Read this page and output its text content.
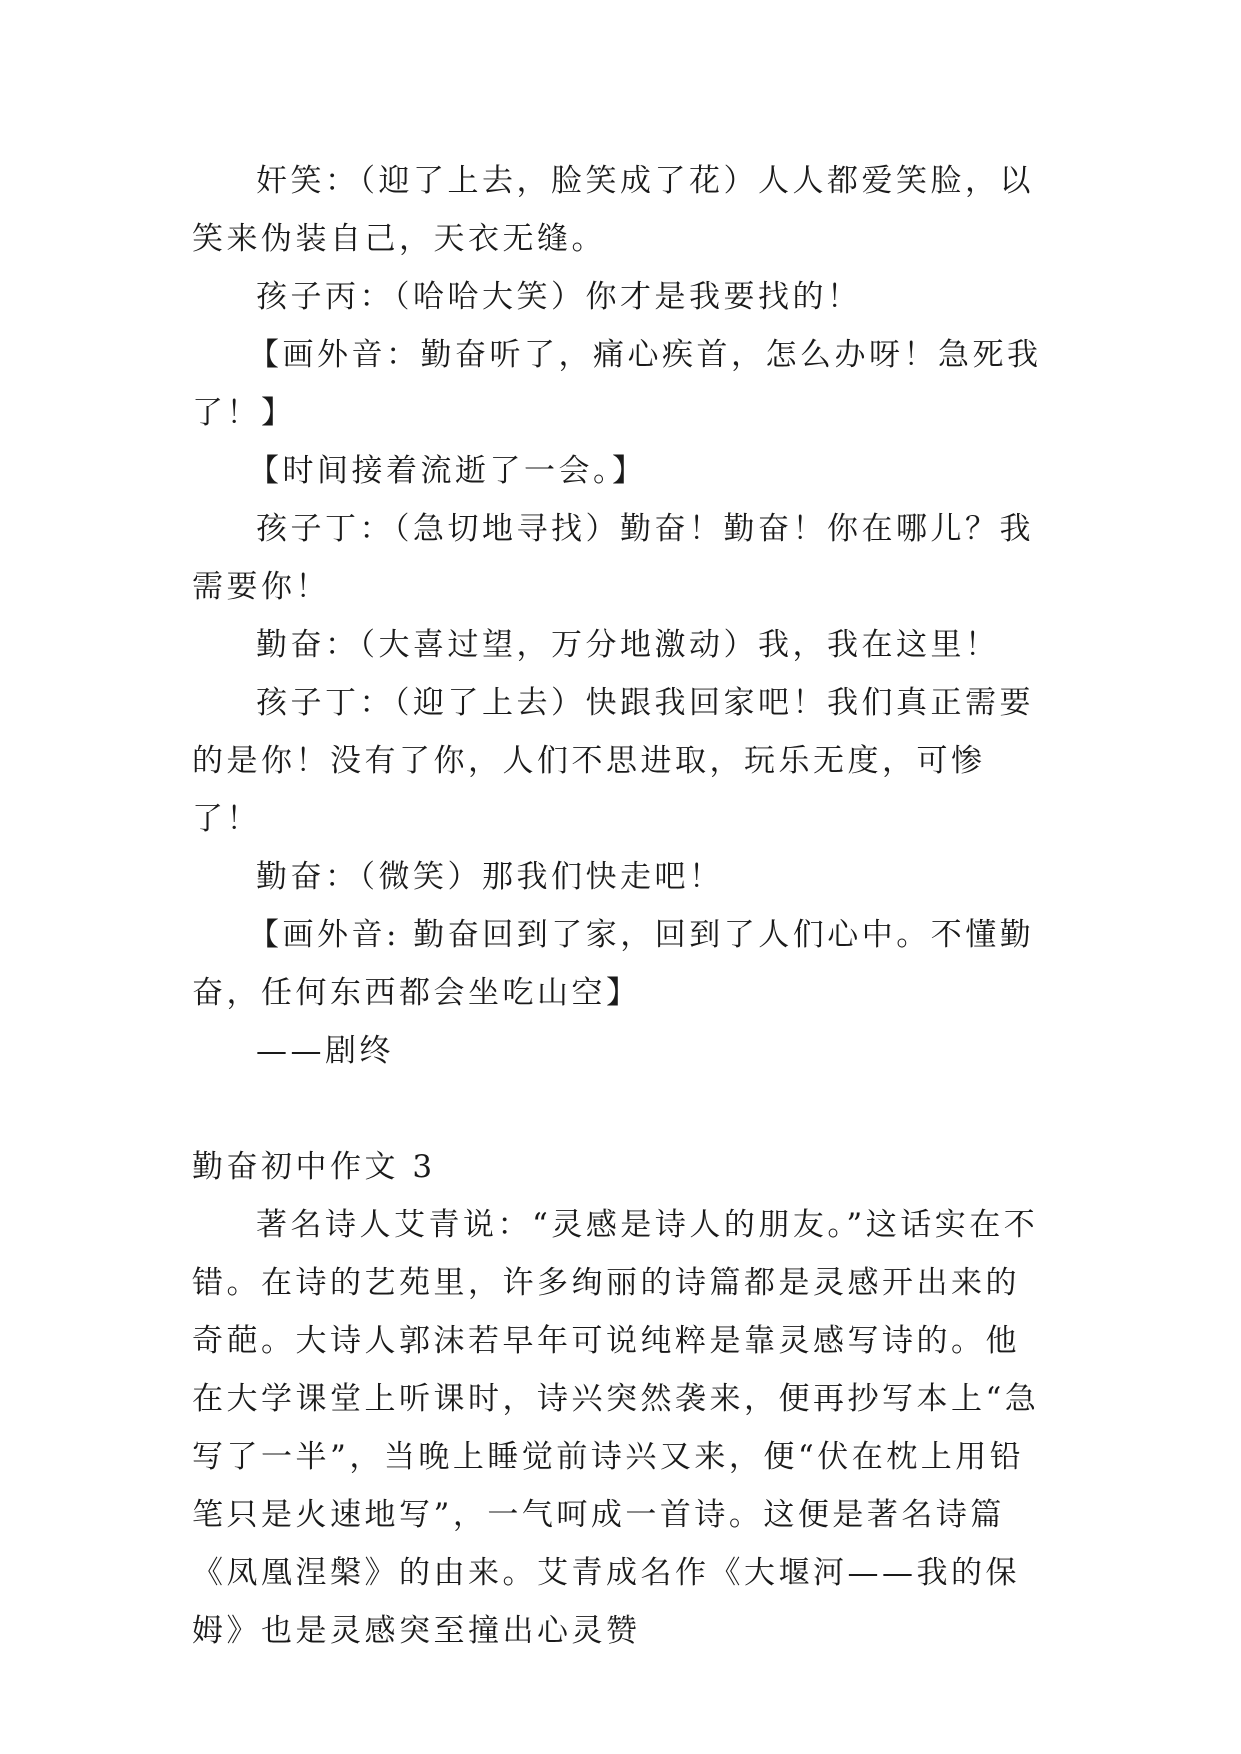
奸笑：（迎了上去，脸笑成了花）人人都爱笑脸，以笑来伪装自己，天衣无缝。

孩子丙：（哈哈大笑）你才是我要找的！

【画外音：勤奋听了，痛心疾首，怎么办呀！急死我了！】

【时间接着流逝了一会。】

孩子丁：（急切地寻找）勤奋！勤奋！你在哪儿？我需要你！

勤奋：（大喜过望，万分地激动）我，我在这里！

孩子丁：（迎了上去）快跟我回家吧！我们真正需要的是你！没有了你，人们不思进取，玩乐无度，可惨了！

勤奋：（微笑）那我们快走吧！

【画外音: 勤奋回到了家，回到了人们心中。不懂勤奋，任何东西都会坐吃山空】

——剧终

勤奋初中作文 3

著名诗人艾青说：“灵感是诗人的朋友。”这话实在不错。在诗的艺苑里，许多绚丽的诗篇都是灵感开出来的奇葩。大诗人郭沫若早年可说纯粹是靠灵感写诗的。他在大学课堂上听课时，诗兴突然袭来，便再抄写本上“急写了一半”，当晚上睡觉前诗兴又来，便“伏在枕上用铅笔只是火速地写”，一气呵成一首诗。这便是著名诗篇《凤凰涅槃》的由来。艾青成名作《大堰河——我的保姆》也是灵感突至撞出心灵赞
